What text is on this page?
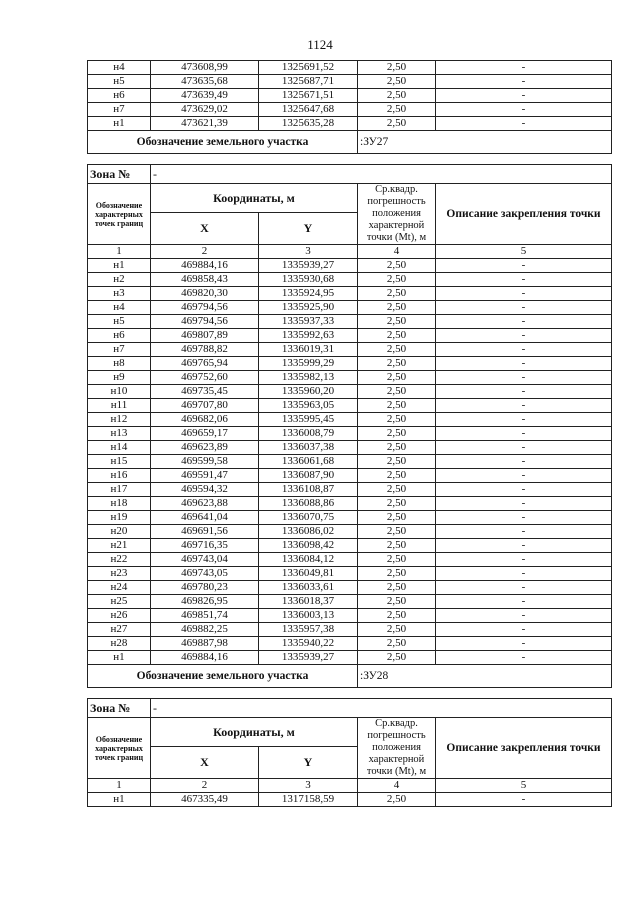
1124
н4	473608,99	1325691,52	2,50	-
н5	473635,68	1325687,71	2,50	-
н6	473639,49	1325671,51	2,50	-
н7	473629,02	1325647,68	2,50	-
н1	473621,39	1325635,28	2,50	-
Обозначение земельного участка			:ЗУ27	

Зона №	-			
Обозначение характерных точек границ	Координаты, м		Ср.квадр. погрешность положения характерной точки (Mt), м	Описание закрепления точки
	X	Y		
1	2	3	4	5
н1	469884,16	1335939,27	2,50	-
н2	469858,43	1335930,68	2,50	-
н3	469820,30	1335924,95	2,50	-
н4	469794,56	1335925,90	2,50	-
н5	469794,56	1335937,33	2,50	-
н6	469807,89	1335992,63	2,50	-
н7	469788,82	1336019,31	2,50	-
н8	469765,94	1335999,29	2,50	-
н9	469752,60	1335982,13	2,50	-
н10	469735,45	1335960,20	2,50	-
н11	469707,80	1335963,05	2,50	-
н12	469682,06	1335995,45	2,50	-
н13	469659,17	1336008,79	2,50	-
н14	469623,89	1336037,38	2,50	-
н15	469599,58	1336061,68	2,50	-
н16	469591,47	1336087,90	2,50	-
н17	469594,32	1336108,87	2,50	-
н18	469623,88	1336088,86	2,50	-
н19	469641,04	1336070,75	2,50	-
н20	469691,56	1336086,02	2,50	-
н21	469716,35	1336098,42	2,50	-
н22	469743,04	1336084,12	2,50	-
н23	469743,05	1336049,81	2,50	-
н24	469780,23	1336033,61	2,50	-
н25	469826,95	1336018,37	2,50	-
н26	469851,74	1336003,13	2,50	-
н27	469882,25	1335957,38	2,50	-
н28	469887,98	1335940,22	2,50	-
н1	469884,16	1335939,27	2,50	-
Обозначение земельного участка			:ЗУ28	

Зона №	-			
Обозначение характерных точек границ	Координаты, м		Ср.квадр. погрешность положения характерной точки (Mt), м	Описание закрепления точки
	X	Y		
1	2	3	4	5
н1	467335,49	1317158,59	2,50	-
